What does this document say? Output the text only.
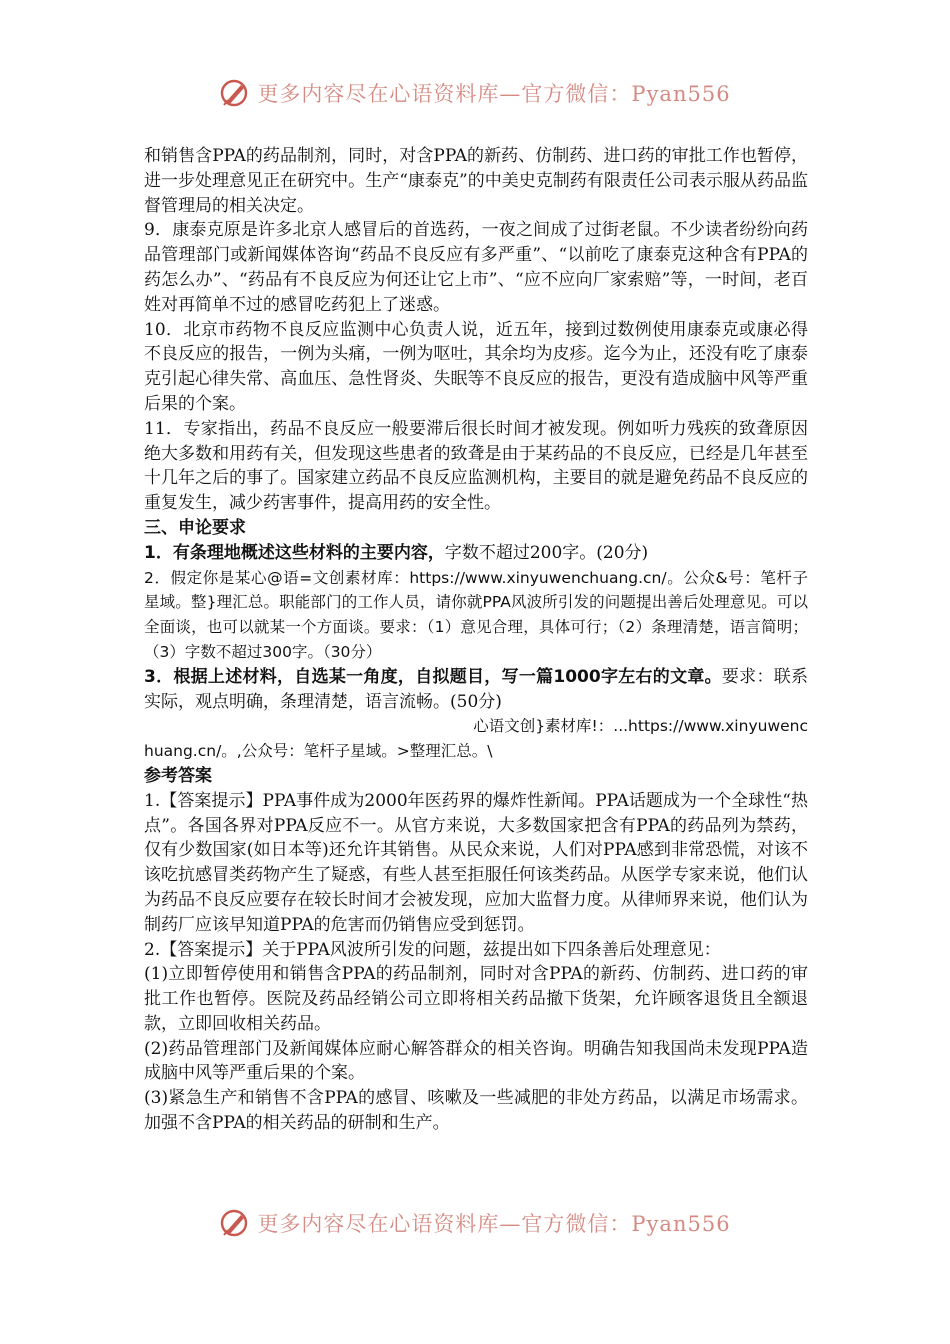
更多内容尽在心语资料库—官方微信：Pyan556

和销售含PPA的药品制剂，同时，对含PPA的新药、仿制药、进口药的审批工作也暂停，进一步处理意见正在研究中。生产“康泰克”的中美史克制药有限责任公司表示服从药品监督管理局的相关决定。

9．康泰克原是许多北京人感冒后的首选药，一夜之间成了过街老鼠。不少读者纷纷向药品管理部门或新闻媒体咨询“药品不良反应有多严重”、“以前吃了康泰克这种含有PPA的药怎么办”、“药品有不良反应为何还让它上市”、“应不应向厂家索赔”等，一时间，老百姓对再简单不过的感冒吃药犯上了迷惑。

10．北京市药物不良反应监测中心负责人说，近五年，接到过数例使用康泰克或康必得不良反应的报告，一例为头痛，一例为呕吐，其余均为皮疹。迄今为止，还没有吃了康泰克引起心律失常、高血压、急性肾炎、失眠等不良反应的报告，更没有造成脑中风等严重后果的个案。

11．专家指出，药品不良反应一般要滞后很长时间才被发现。例如听力残疾的致聋原因绝大多数和用药有关，但发现这些患者的致聋是由于某药品的不良反应，已经是几年甚至十几年之后的事了。国家建立药品不良反应监测机构，主要目的就是避免药品不良反应的重复发生，减少药害事件，提高用药的安全性。

三、申论要求

1．有条理地概述这些材料的主要内容，字数不超过200字。(20分)

2．假定你是某心@语=文创素材库：https://www.xinyuwenchuang.cn/。公众&号：笔杆子星域。整}理汇总。职能部门的工作人员，请你就PPA风波所引发的问题提出善后处理意见。可以全面谈，也可以就某一个方面谈。要求：（1）意见合理，具体可行；（2）条理清楚，语言简明；（3）字数不超过300字。（30分）

3．根据上述材料，自选某一角度，自拟题目，写一篇1000字左右的文章。要求：联系实际，观点明确，条理清楚，语言流畅。(50分)

心语文创}素材库!：...https://www.xinyuwenc

huang.cn/。,公众号：笔杆子星域。>整理汇总。\

参考答案

1.【答案提示】PPA事件成为2000年医药界的爆炸性新闻。PPA话题成为一个全球性“热点”。各国各界对PPA反应不一。从官方来说，大多数国家把含有PPA的药品列为禁药，仅有少数国家(如日本等)还允许其销售。从民众来说，人们对PPA感到非常恐慌，对该不该吃抗感冒类药物产生了疑惑，有些人甚至拒服任何该类药品。从医学专家来说，他们认为药品不良反应要存在较长时间才会被发现，应加大监督力度。从律师界来说，他们认为制药厂应该早知道PPA的危害而仍销售应受到惩罚。

2.【答案提示】关于PPA风波所引发的问题，兹提出如下四条善后处理意见：

(1)立即暂停使用和销售含PPA的药品制剂，同时对含PPA的新药、仿制药、进口药的审批工作也暂停。医院及药品经销公司立即将相关药品撤下货架，允许顾客退货且全额退款，立即回收相关药品。

(2)药品管理部门及新闻媒体应耐心解答群众的相关咨询。明确告知我国尚未发现PPA造成脑中风等严重后果的个案。

(3)紧急生产和销售不含PPA的感冒、咳嗽及一些减肥的非处方药品，以满足市场需求。加强不含PPA的相关药品的研制和生产。

更多内容尽在心语资料库—官方微信：Pyan556
